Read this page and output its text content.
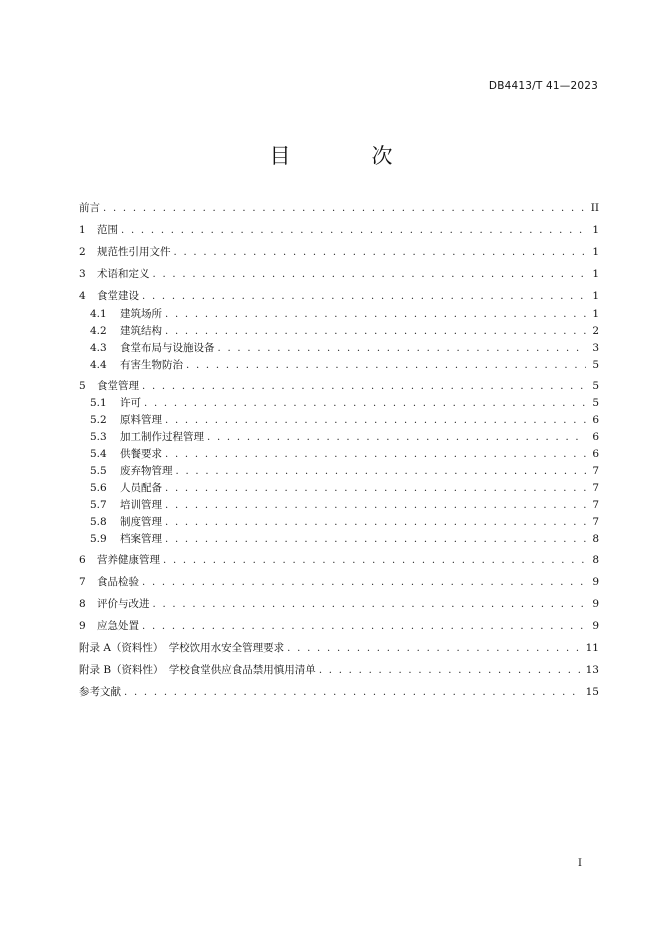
DB4413/T 41—2023
目　次
前言 . . .	II
1	范围 . . .	1
2	规范性引用文件 . . .	1
3	术语和定义 . . .	1
4	食堂建设 . . .	1
4.1	建筑场所 . . .	1
4.2	建筑结构 . . .	2
4.3	食堂布局与设施设备 . . .	3
4.4	有害生物防治 . . .	5
5	食堂管理 . . .	5
5.1	许可 . . .	5
5.2	原料管理 . . .	6
5.3	加工制作过程管理 . . .	6
5.4	供餐要求 . . .	6
5.5	废弃物管理 . . .	7
5.6	人员配备 . . .	7
5.7	培训管理 . . .	7
5.8	制度管理 . . .	7
5.9	档案管理 . . .	8
6	营养健康管理 . . .	8
7	食品检验 . . .	9
8	评价与改进 . . .	9
9	应急处置 . . .	9
附录 A（资料性）　学校饮用水安全管理要求 . . .	11
附录 B（资料性）　学校食堂供应食品禁用慎用清单 . . .	13
参考文献 . . .	15
I
